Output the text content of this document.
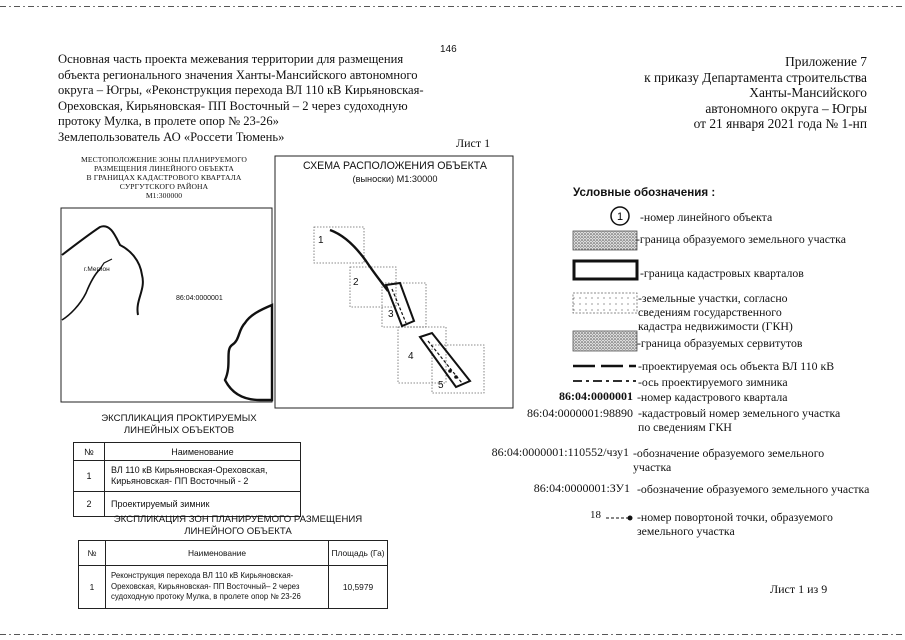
146
Основная часть проекта межевания территории для размещения
объекта регионального значения Ханты-Мансийского автономного
округа – Югры, «Реконструкция перехода ВЛ 110 кВ Кирьяновская-
Ореховская, Кирьяновская- ПП Восточный – 2 через судоходную
протоку Мулка, в пролете опор № 23-26»
Землепользователь АО «Россети Тюмень»
Приложение 7
к приказу Департамента строительства
Ханты-Мансийского
автономного округа – Югры
от 21 января 2021 года № 1-нп
Лист 1
МЕСТОПОЛОЖЕНИЕ ЗОНЫ ПЛАНИРУЕМОГО
РАЗМЕЩЕНИЯ ЛИНЕЙНОГО ОБЪЕКТА
В ГРАНИЦАХ КАДАСТРОВОГО КВАРТАЛА
СУРГУТСКОГО РАЙОНА
М1:300000
г.Мегион
86:04:0000001
СХЕМА РАСПОЛОЖЕНИЯ ОБЪЕКТА
(выноски) М1:30000
1
2
3
4
5
Условные обозначения :
1 -номер линейного объекта
-граница образуемого земельного участка
-граница кадастровых кварталов
-земельные участки, согласно сведениям государственного кадастра недвижимости (ГКН)
-граница образуемых сервитутов
-проектируемая ось объекта ВЛ 110 кВ
-ось проектируемого зимника
86:04:0000001 -номер кадастрового квартала
86:04:0000001:98890 -кадастровый номер земельного участка по сведениям ГКН
86:04:0000001:110552/чзу1 -обозначение образуемого земельного участка
86:04:0000001:ЗУ1 -обозначение образуемого земельного участка
18	-номер повортоной точки, образуемого земельного участка
ЭКСПЛИКАЦИЯ ПРОКТИРУЕМЫХ
ЛИНЕЙНЫХ ОБЪЕКТОВ
№	Наименование
1	ВЛ 110 кВ Кирьяновская-Ореховская, Кирьяновская- ПП Восточный - 2
2	Проектируемый зимник
ЭКСПЛИКАЦИЯ ЗОН ПЛАНИРУЕМОГО РАЗМЕЩЕНИЯ
ЛИНЕЙНОГО ОБЪЕКТА
№	Наименование	Площадь (Га)
1	Реконструкция перехода ВЛ 110 кВ Кирьяновская-Ореховская, Кирьяновская- ПП Восточный– 2 через судоходную протоку Мулка, в пролете опор № 23-26	10,5979	Лист 1 из 9
